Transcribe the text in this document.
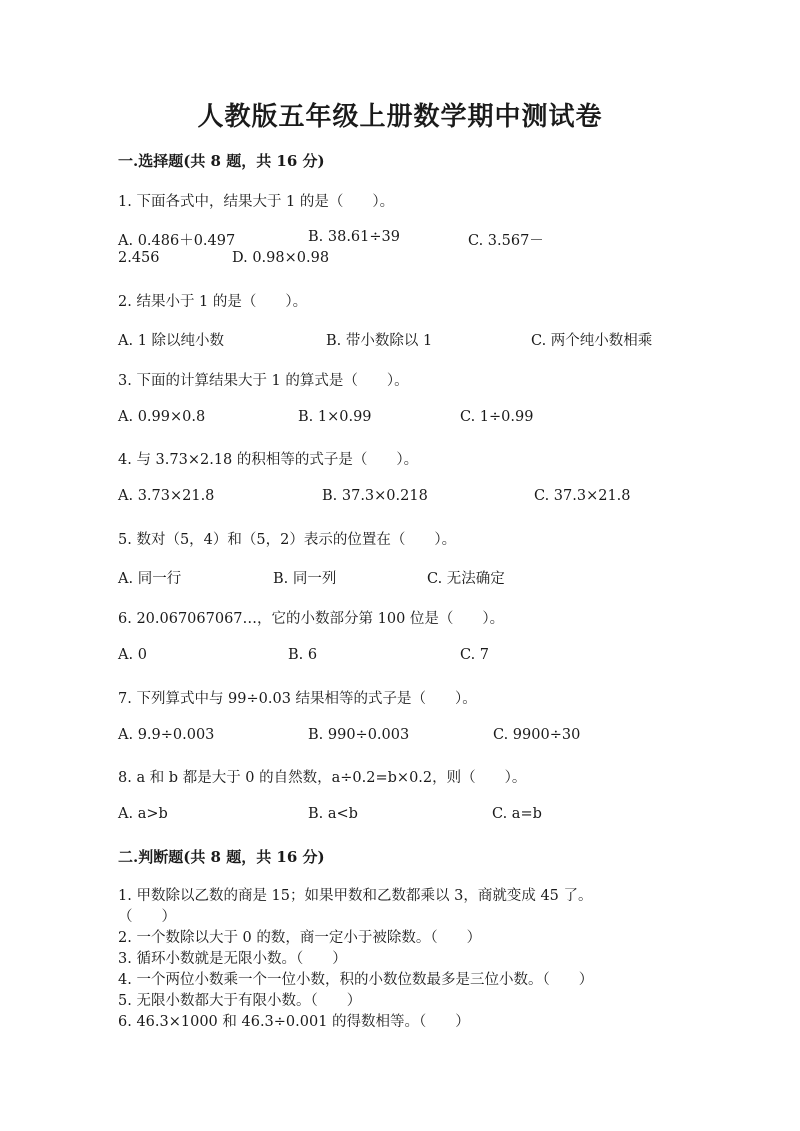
人教版五年级上册数学期中测试卷
一.选择题(共 8 题，共 16 分)
1. 下面各式中，结果大于 1 的是（　　）。
A. 0.486＋0.497	B. 38.61÷39	C. 3.567－
2.456	D. 0.98×0.98
2. 结果小于 1 的是（　　）。
A. 1 除以纯小数	B. 带小数除以 1	C. 两个纯小数相乘
3. 下面的计算结果大于 1 的算式是（　　）。
A. 0.99×0.8	B. 1×0.99	C. 1÷0.99
4. 与 3.73×2.18 的积相等的式子是（　　）。
A. 3.73×21.8	B. 37.3×0.218	C. 37.3×21.8
5. 数对（5，4）和（5，2）表示的位置在（　　）。
A. 同一行	B. 同一列	C. 无法确定
6. 20.067067067…，它的小数部分第 100 位是（　　）。
A. 0	B. 6	C. 7
7. 下列算式中与 99÷0.03 结果相等的式子是（　　）。
A. 9.9÷0.003	B. 990÷0.003	C. 9900÷30
8. a 和 b 都是大于 0 的自然数，a÷0.2=b×0.2，则（　　）。
A. a>b	B. a<b	C. a=b
二.判断题(共 8 题，共 16 分)
1. 甲数除以乙数的商是 15；如果甲数和乙数都乘以 3，商就变成 45 了。
（　　）
2. 一个数除以大于 0 的数，商一定小于被除数。（　　）
3. 循环小数就是无限小数。（　　）
4. 一个两位小数乘一个一位小数，积的小数位数最多是三位小数。（　　）
5. 无限小数都大于有限小数。（　　）
6. 46.3×1000 和 46.3÷0.001 的得数相等。（　　）
